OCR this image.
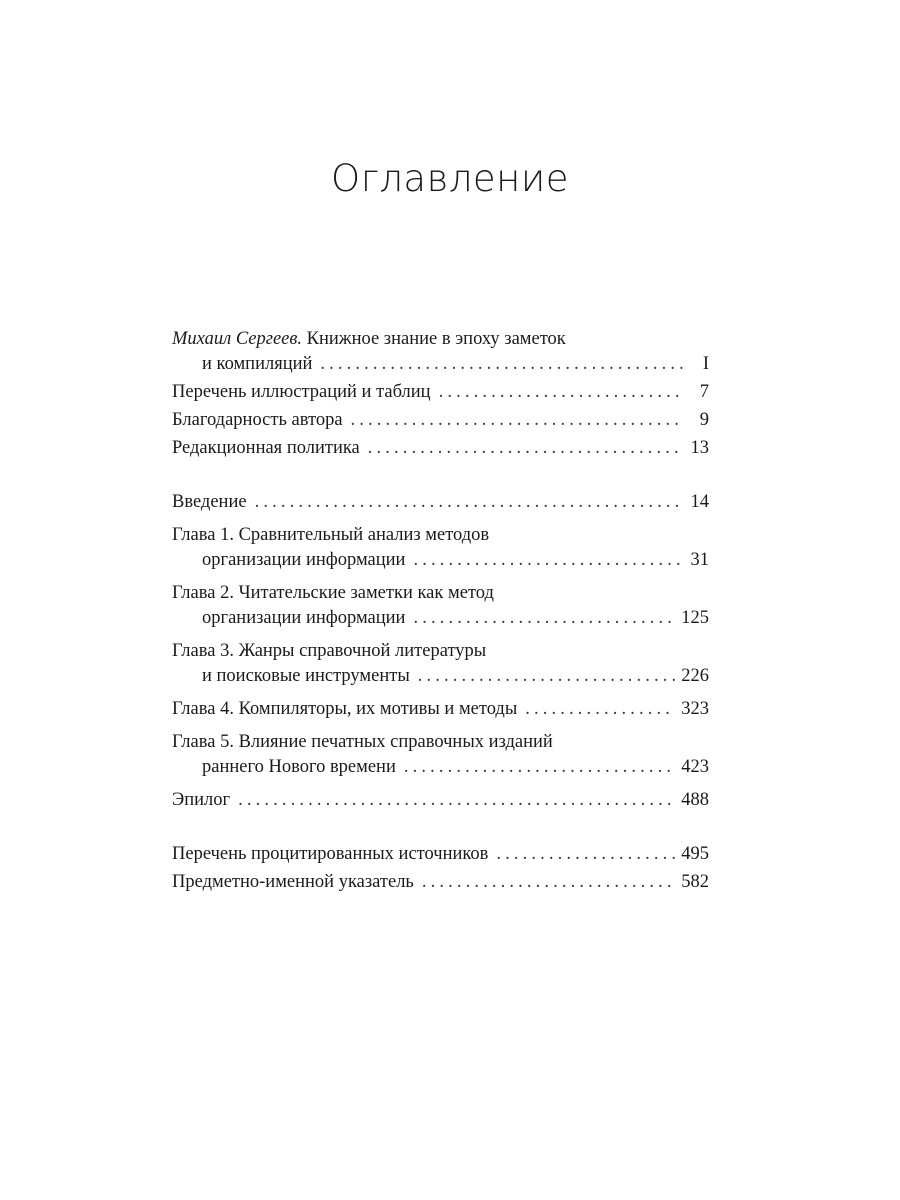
Оглавление
Михаил Сергеев.
Книжное знание в эпоху заметок
и компиляций . . .	I
Перечень иллюстраций и таблиц . . .	7
Благодарность автора . . .	9
Редакционная политика . . .	13
Введение . . .	14
Глава 1. Сравнительный анализ методов
организации информации . . .	31
Глава 2. Читательские заметки как метод
организации информации . . .	125
Глава 3. Жанры справочной литературы
и поисковые инструменты . . .	226
Глава 4. Компиляторы, их мотивы и методы . . .	323
Глава 5. Влияние печатных справочных изданий
раннего Нового времени . . .	423
Эпилог . . .	488
Перечень процитированных источников . . .	495
Предметно-именной указатель . . .	582
